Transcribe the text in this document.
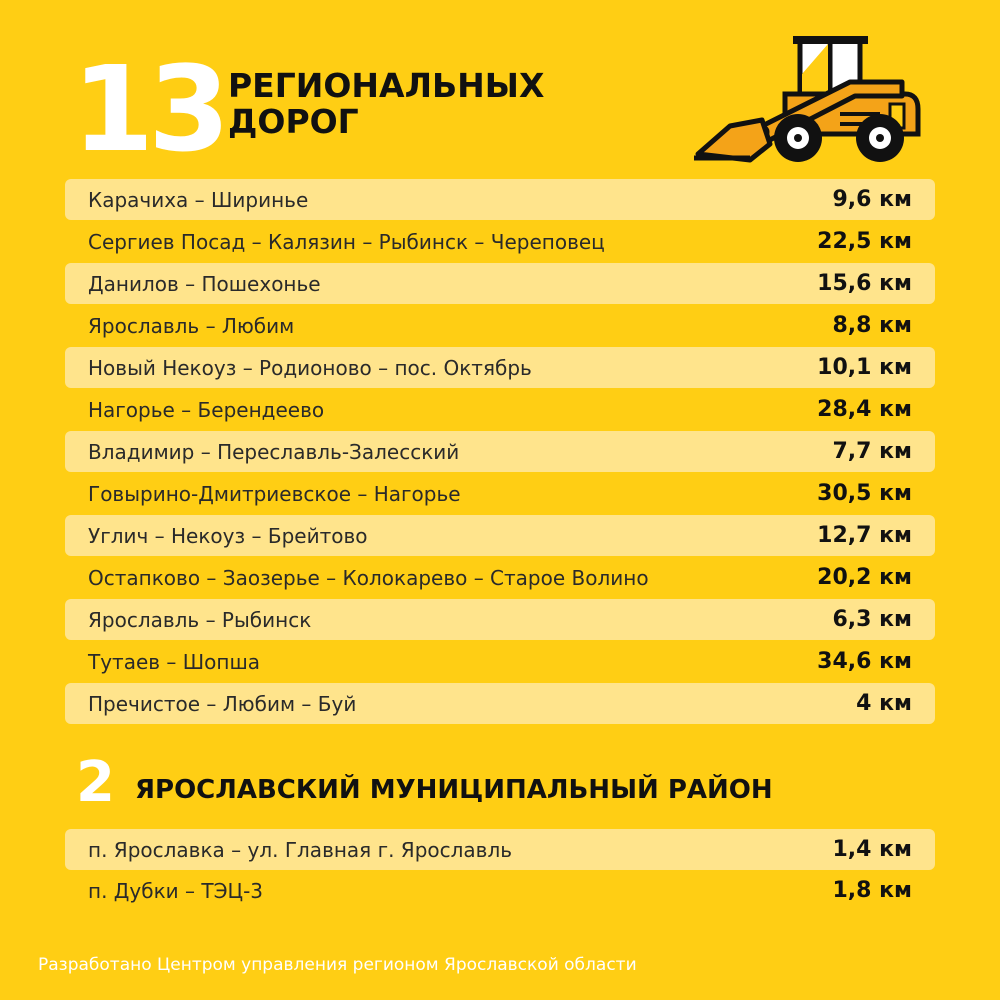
13 РЕГИОНАЛЬНЫХ
ДОРОГ
Карачиха – Ширинье	9,6 км
Сергиев Посад – Калязин – Рыбинск – Череповец	22,5 км
Данилов – Пошехонье	15,6 км
Ярославль – Любим	8,8 км
Новый Некоуз – Родионово – пос. Октябрь	10,1 км
Нагорье – Берендеево	28,4 км
Владимир – Переславль-Залесский	7,7 км
Говырино-Дмитриевское – Нагорье	30,5 км
Углич – Некоуз – Брейтово	12,7 км
Остапково – Заозерье – Колокарево – Старое Волино	20,2 км
Ярославль – Рыбинск	6,3 км
Тутаев – Шопша	34,6 км
Пречистое – Любим – Буй	4 км
2 ЯРОСЛАВСКИЙ МУНИЦИПАЛЬНЫЙ РАЙОН
п. Ярославка – ул. Главная г. Ярославль	1,4 км
п. Дубки – ТЭЦ-3	1,8 км
Разработано Центром управления регионом Ярославской области
